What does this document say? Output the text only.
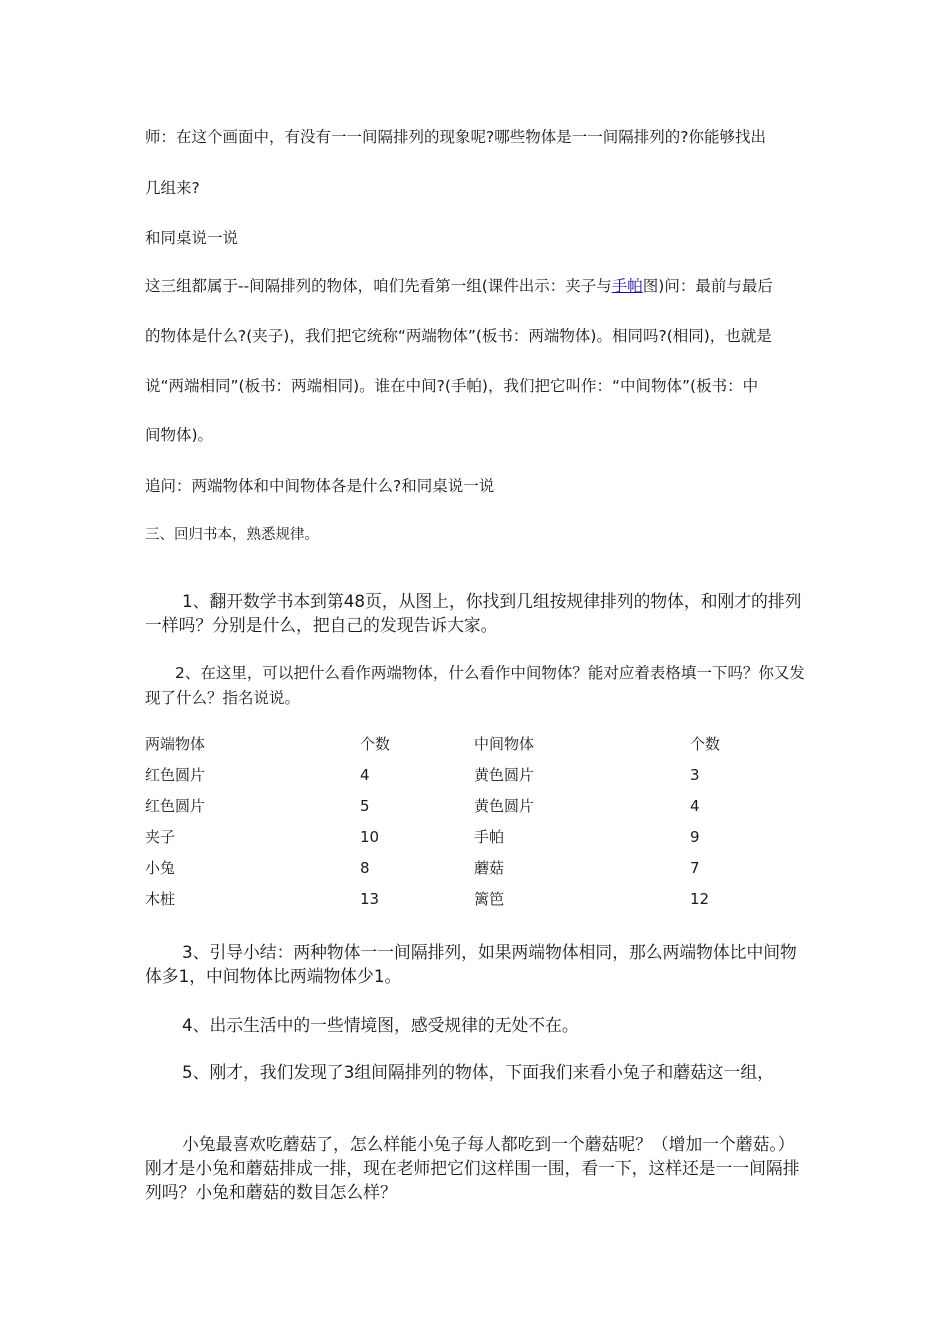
师：在这个画面中，有没有一一间隔排列的现象呢?哪些物体是一一间隔排列的?你能够找出

几组来?

和同桌说一说

这三组都属于--间隔排列的物体，咱们先看第一组(课件出示：夹子与手帕图)问：最前与最后

的物体是什么?(夹子)，我们把它统称“两端物体”(板书：两端物体)。相同吗?(相同)，也就是

说“两端相同”(板书：两端相同)。谁在中间?(手帕)，我们把它叫作：“中间物体”(板书：中

间物体)。

追问：两端物体和中间物体各是什么?和同桌说一说

三、回归书本，熟悉规律。

1、翻开数学书本到第48页，从图上，你找到几组按规律排列的物体，和刚才的排列一样吗？分别是什么，把自己的发现告诉大家。

2、在这里，可以把什么看作两端物体，什么看作中间物体？能对应着表格填一下吗？你又发现了什么？指名说说。

两端物体	个数	中间物体	个数
红色圆片	4	黄色圆片	3
红色圆片	5	黄色圆片	4
夹子	10	手帕	9
小兔	8	蘑菇	7
木桩	13	篱笆	12

3、引导小结：两种物体一一间隔排列，如果两端物体相同，那么两端物体比中间物体多1，中间物体比两端物体少1。

4、出示生活中的一些情境图，感受规律的无处不在。

5、刚才，我们发现了3组间隔排列的物体，下面我们来看小兔子和蘑菇这一组，

小兔最喜欢吃蘑菇了，怎么样能小兔子每人都吃到一个蘑菇呢？（增加一个蘑菇。）刚才是小兔和蘑菇排成一排，现在老师把它们这样围一围，看一下，这样还是一一间隔排列吗？小兔和蘑菇的数目怎么样？
